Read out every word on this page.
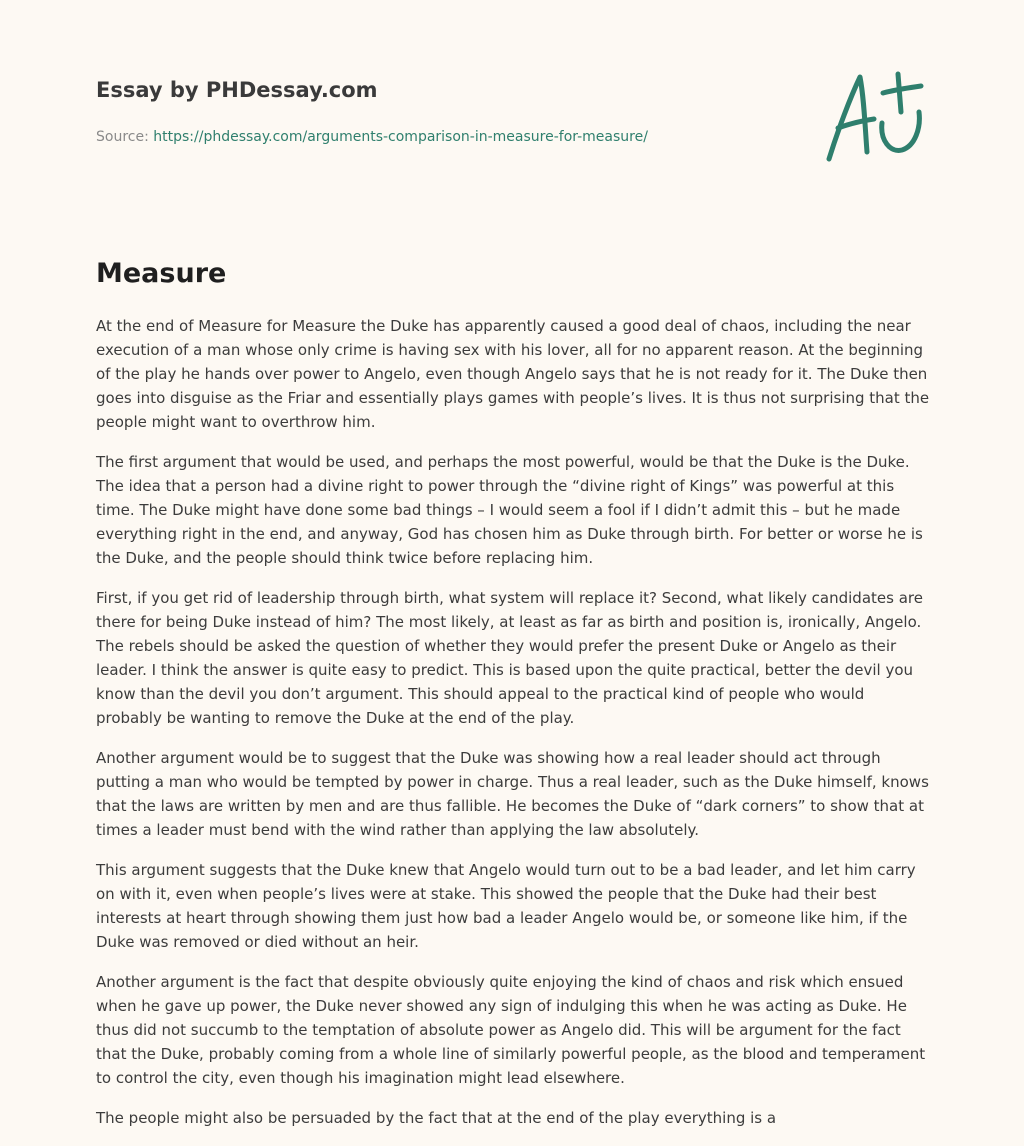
Essay by PHDessay.com
Source: https://phdessay.com/arguments-comparison-in-measure-for-measure/
Measure

At the end of Measure for Measure the Duke has apparently caused a good deal of chaos, including the near execution of a man whose only crime is having sex with his lover, all for no apparent reason. At the beginning of the play he hands over power to Angelo, even though Angelo says that he is not ready for it. The Duke then goes into disguise as the Friar and essentially plays games with people’s lives. It is thus not surprising that the people might want to overthrow him.

The first argument that would be used, and perhaps the most powerful, would be that the Duke is the Duke. The idea that a person had a divine right to power through the “divine right of Kings” was powerful at this time. The Duke might have done some bad things – I would seem a fool if I didn’t admit this – but he made everything right in the end, and anyway, God has chosen him as Duke through birth. For better or worse he is the Duke, and the people should think twice before replacing him.

First, if you get rid of leadership through birth, what system will replace it? Second, what likely candidates are there for being Duke instead of him? The most likely, at least as far as birth and position is, ironically, Angelo. The rebels should be asked the question of whether they would prefer the present Duke or Angelo as their leader. I think the answer is quite easy to predict. This is based upon the quite practical, better the devil you know than the devil you don’t argument. This should appeal to the practical kind of people who would probably be wanting to remove the Duke at the end of the play.

Another argument would be to suggest that the Duke was showing how a real leader should act through putting a man who would be tempted by power in charge. Thus a real leader, such as the Duke himself, knows that the laws are written by men and are thus fallible. He becomes the Duke of “dark corners” to show that at times a leader must bend with the wind rather than applying the law absolutely.

This argument suggests that the Duke knew that Angelo would turn out to be a bad leader, and let him carry on with it, even when people’s lives were at stake. This showed the people that the Duke had their best interests at heart through showing them just how bad a leader Angelo would be, or someone like him, if the Duke was removed or died without an heir.

Another argument is the fact that despite obviously quite enjoying the kind of chaos and risk which ensued when he gave up power, the Duke never showed any sign of indulging this when he was acting as Duke. He thus did not succumb to the temptation of absolute power as Angelo did. This will be argument for the fact that the Duke, probably coming from a whole line of similarly powerful people, as the blood and temperament to control the city, even though his imagination might lead elsewhere.

The people might also be persuaded by the fact that at the end of the play everything is a
